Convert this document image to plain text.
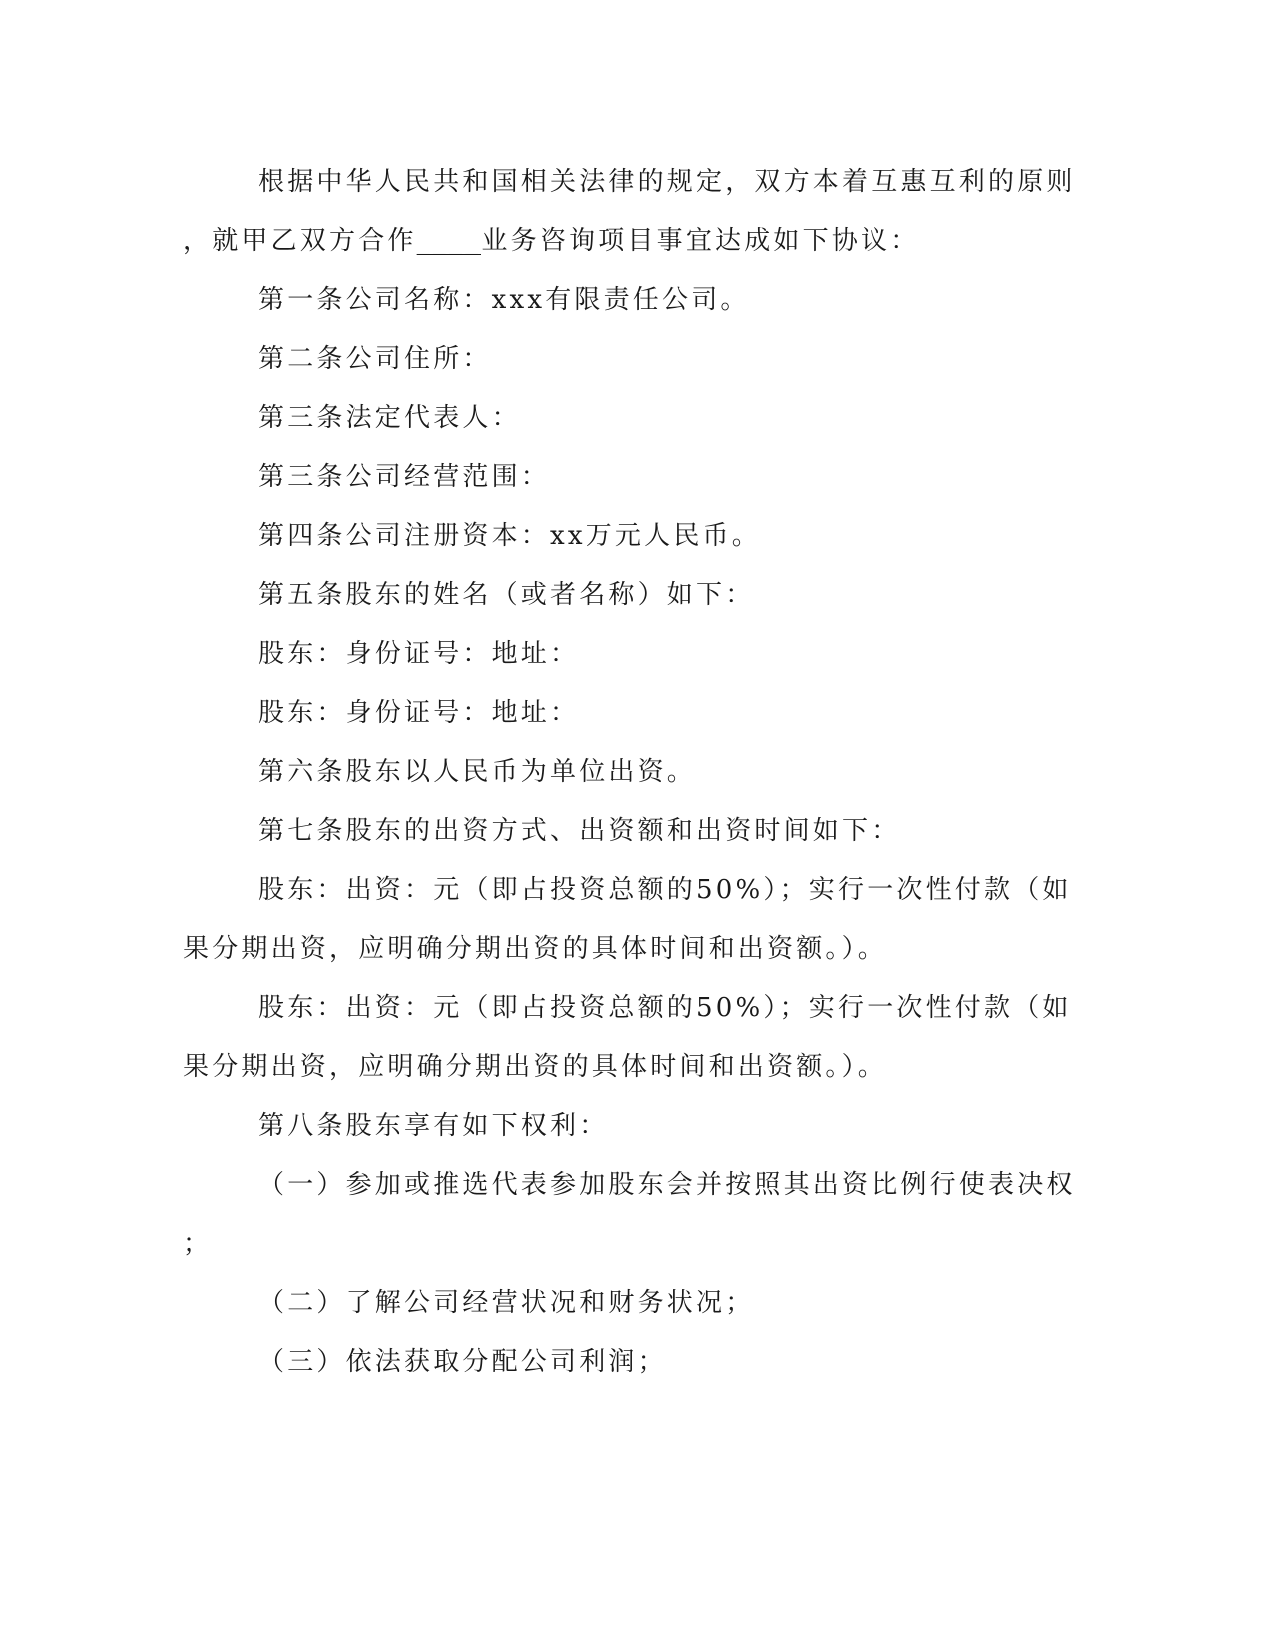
根据中华人民共和国相关法律的规定，双方本着互惠互利的原则
，就甲乙双方合作____业务咨询项目事宜达成如下协议：
第一条公司名称：xxx有限责任公司。
第二条公司住所：
第三条法定代表人：
第三条公司经营范围：
第四条公司注册资本：xx万元人民币。
第五条股东的姓名（或者名称）如下：
股东：身份证号：地址：
股东：身份证号：地址：
第六条股东以人民币为单位出资。
第七条股东的出资方式、出资额和出资时间如下：
股东：出资：元（即占投资总额的50%）；实行一次性付款（如
果分期出资，应明确分期出资的具体时间和出资额。）。
股东：出资：元（即占投资总额的50%）；实行一次性付款（如
果分期出资，应明确分期出资的具体时间和出资额。）。
第八条股东享有如下权利：
（一）参加或推选代表参加股东会并按照其出资比例行使表决权
；
（二）了解公司经营状况和财务状况；
（三）依法获取分配公司利润；
